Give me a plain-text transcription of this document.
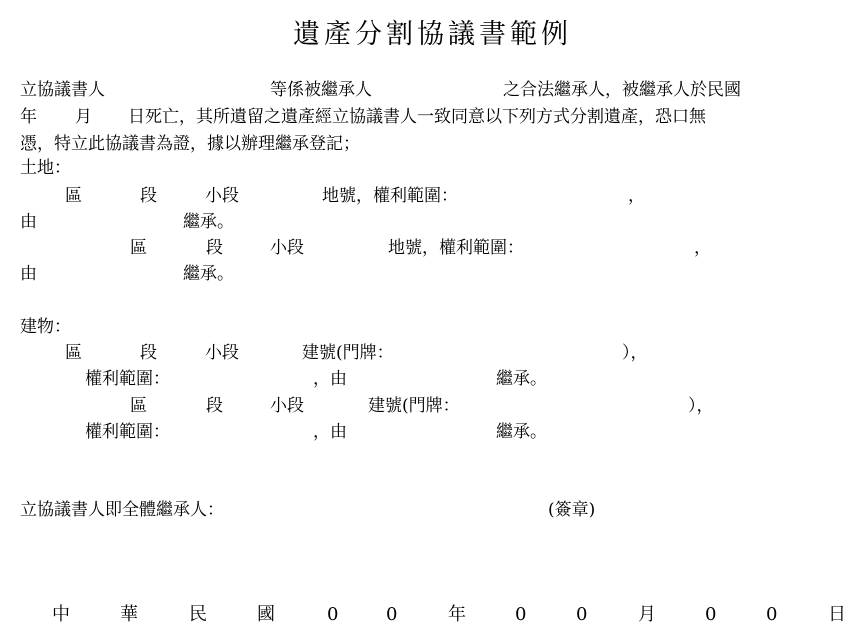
遺產分割協議書範例
立協議書人	等係被繼承人	之合法繼承人，被繼承人於民國
年 月 日死亡，其所遺留之遺產經立協議書人一致同意以下列方式分割遺產，恐口無
憑，特立此協議書為證，據以辦理繼承登記；
土地：
區	段	小段	地號，權利範圍：	，
由	繼承。
區	段	小段	地號，權利範圍：	，
由	繼承。
建物：
區	段	小段	建號(門牌：	），
權利範圍：	，由	繼承。
區	段	小段	建號(門牌：	），
權利範圍：	，由	繼承。
立協議書人即全體繼承人：	(簽章)
中	華	民	國	0	0	年	0	0	月	0	0	日
